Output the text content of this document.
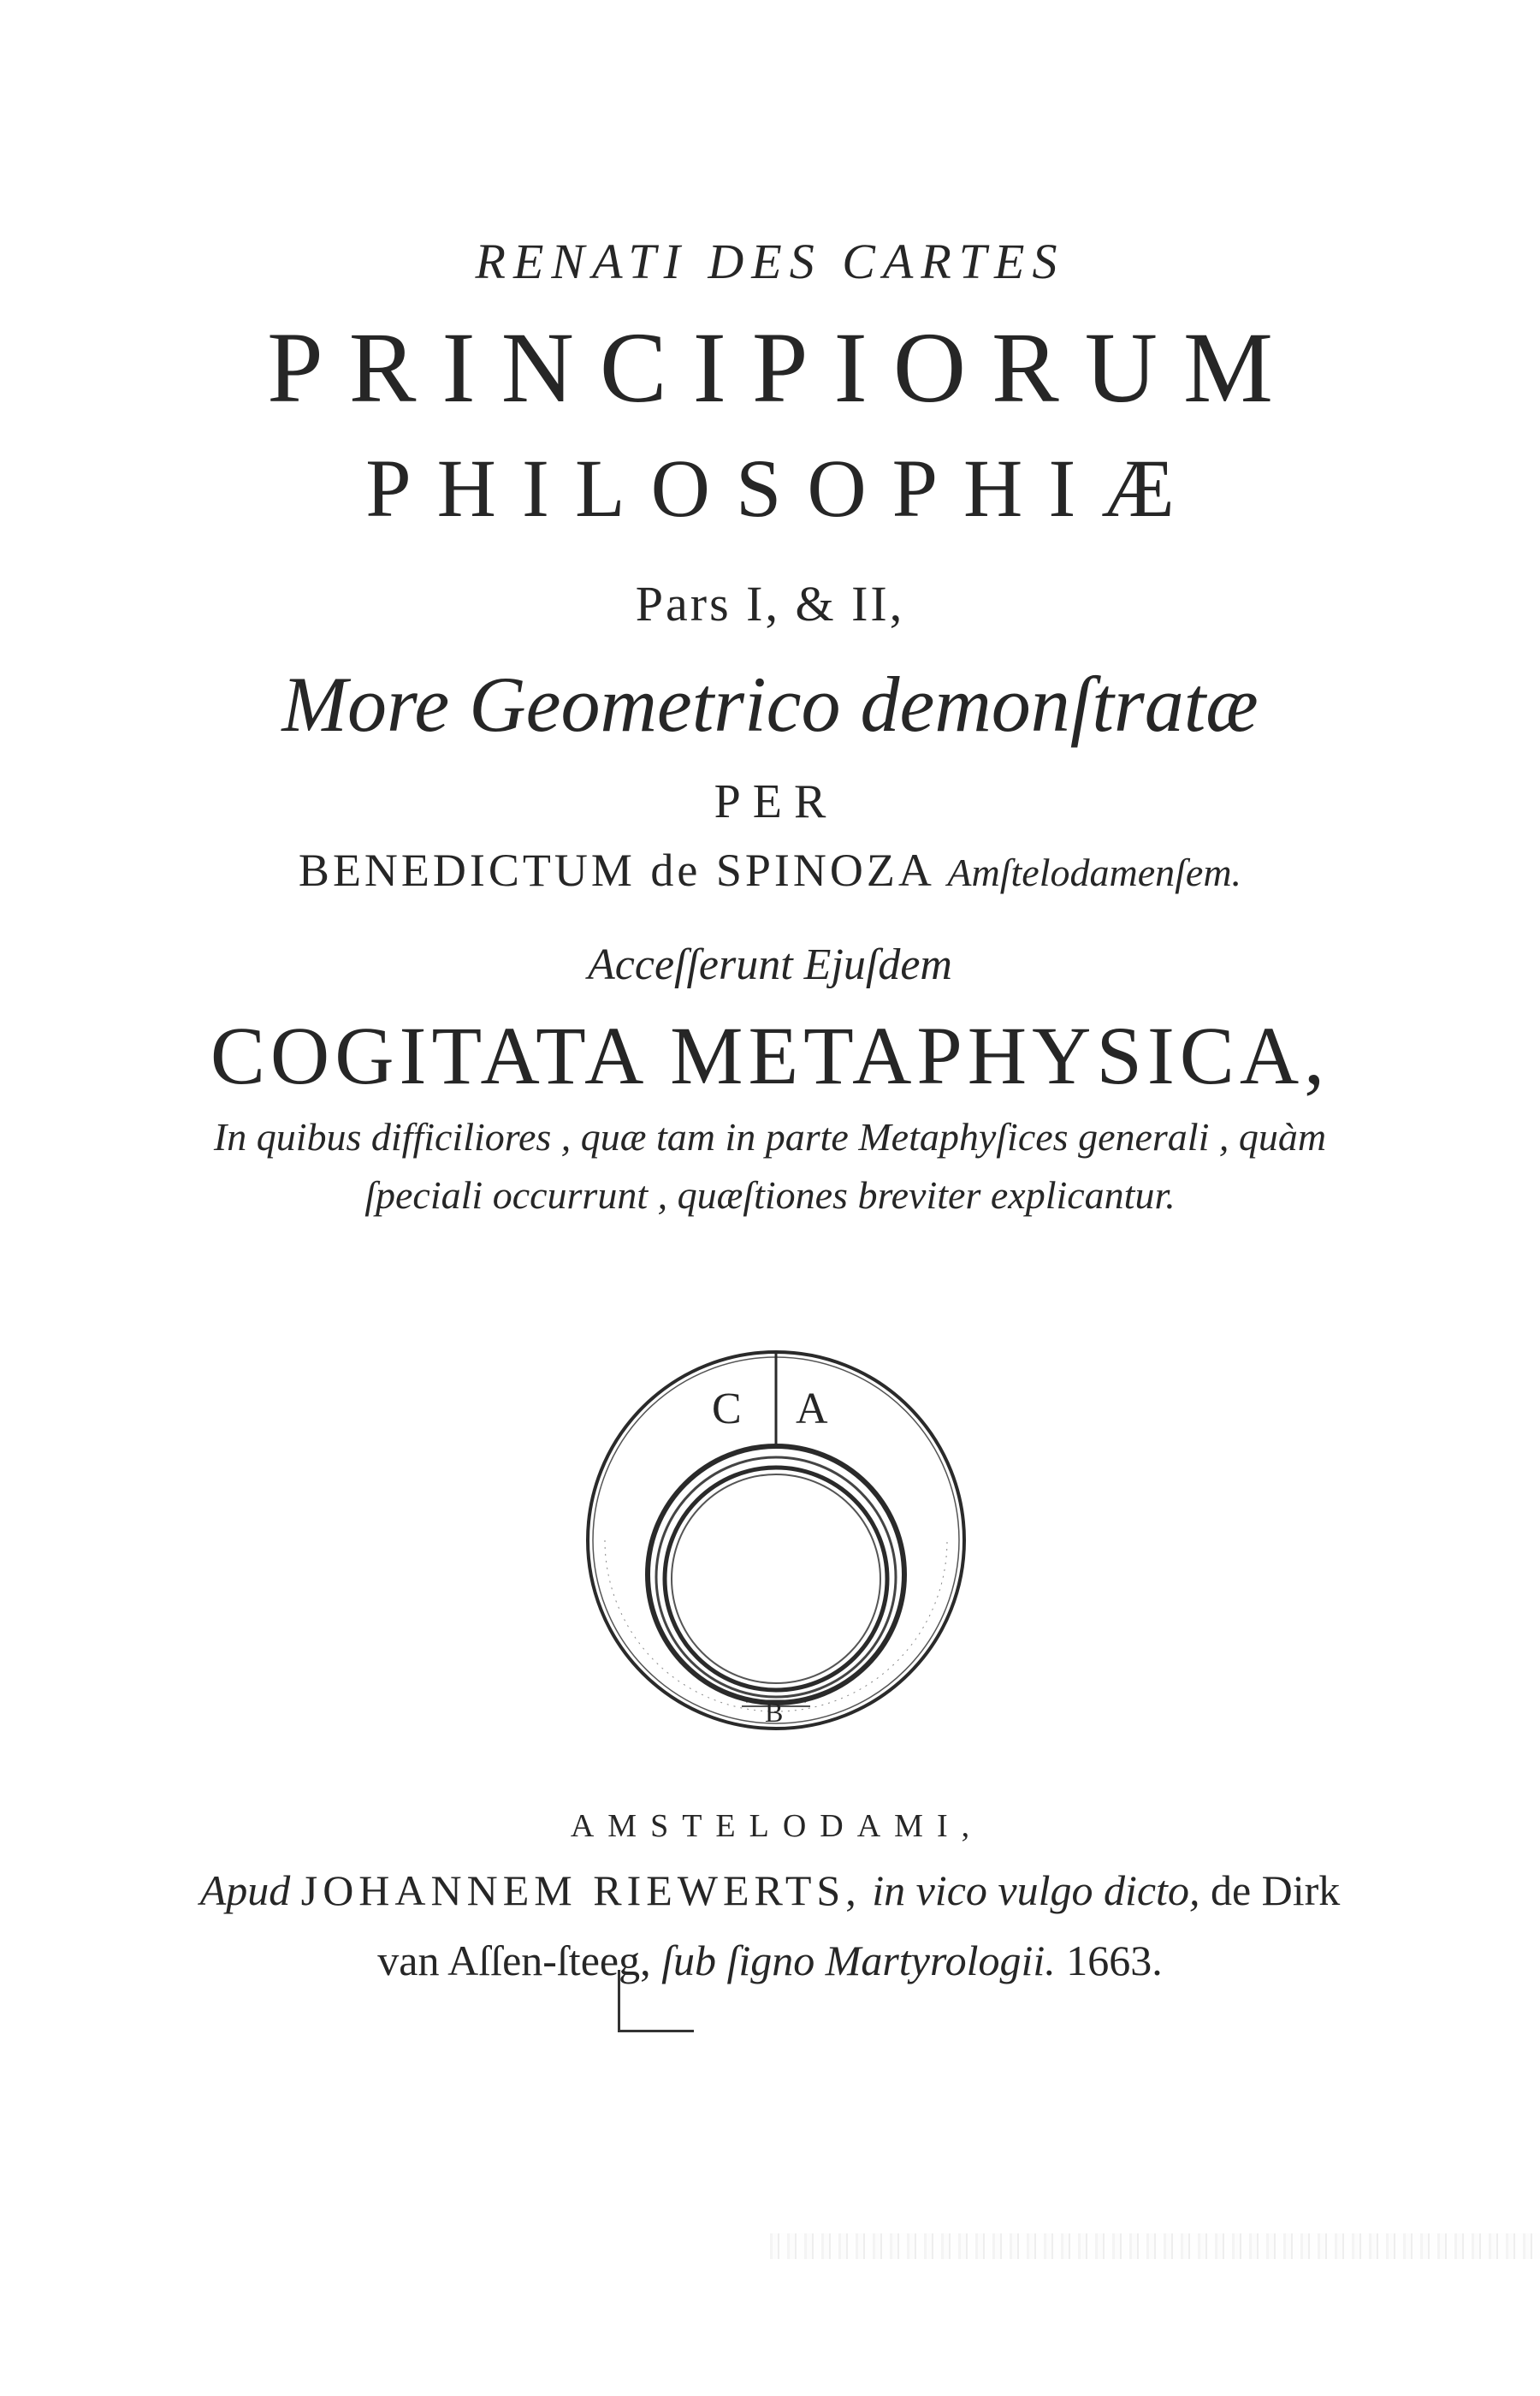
RENATI DES CARTES
PRINCIPIORUM
PHILOSOPHIÆ
Pars I, & II,
More Geometrico demonſtratæ
PER
BENEDICTUM de SPINOZA Amſtelodamenſem.
Acceſſerunt Ejuſdem
COGITATA METAPHYSICA,
In quibus difficiliores , quæ tam in parte Metaphyſices generali , quàm
ſpeciali occurrunt , quæſtiones breviter explicantur.
C A
B
AMSTELODAMI,
Apud JOHANNEM RIEWERTS, in vico vulgo dicto, de Dirk
van Aſſen-ſteeg, ſub ſigno Martyrologii. 1663.
